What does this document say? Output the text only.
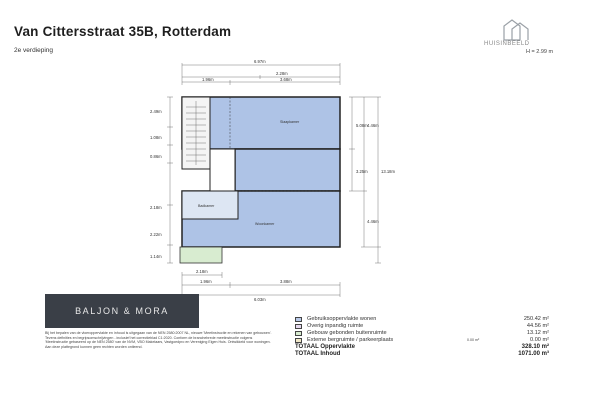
Van Cittersstraat 35B, Rotterdam
2e verdieping
HUISINBEELD
H = 2.99 m
6.97m
2.28m
1.96m	3.68m
Slaapkamer
Badkamer
Woonkamer
2.49m
1.08m
0.86m
2.18m
2.22m
1.14m
5.08m 4.46m
3.25m	13.18m
4.46m
2.18m
1.96m	3.88m
6.03m
BALJON & MORA
Bij het bepalen van de vloeroppervlakte en inhoud is uitgegaan van de NEN 2580:2007 NL, nieuwe 'Meetinstructie en rekenen van gebouwen'. Tevens definities en begripsomschrijvingen - inclusief het correctieblad C1:2020. Conform de branchebrede meetinstructie volgens 'Meetinstructie gebaseerd op de NEN 2580' van de NVM, VBO Makelaars, Vastgoedpro en Vereniging Eigen Huis. Ontwikkeld voor woningen. Aan deze plattegrond kunnen geen rechten worden ontleend.
Gebruiksoppervlakte wonen	250.42 m²
Overig inpandig ruimte	44.56 m²
Gebouw gebonden buitenruimte	13.12 m²
Externe bergruimte / parkeerplaats	0.00 m²	0.00 m²
TOTAAL Oppervlakte	328.10 m²
TOTAAL Inhoud	1071.00 m³
